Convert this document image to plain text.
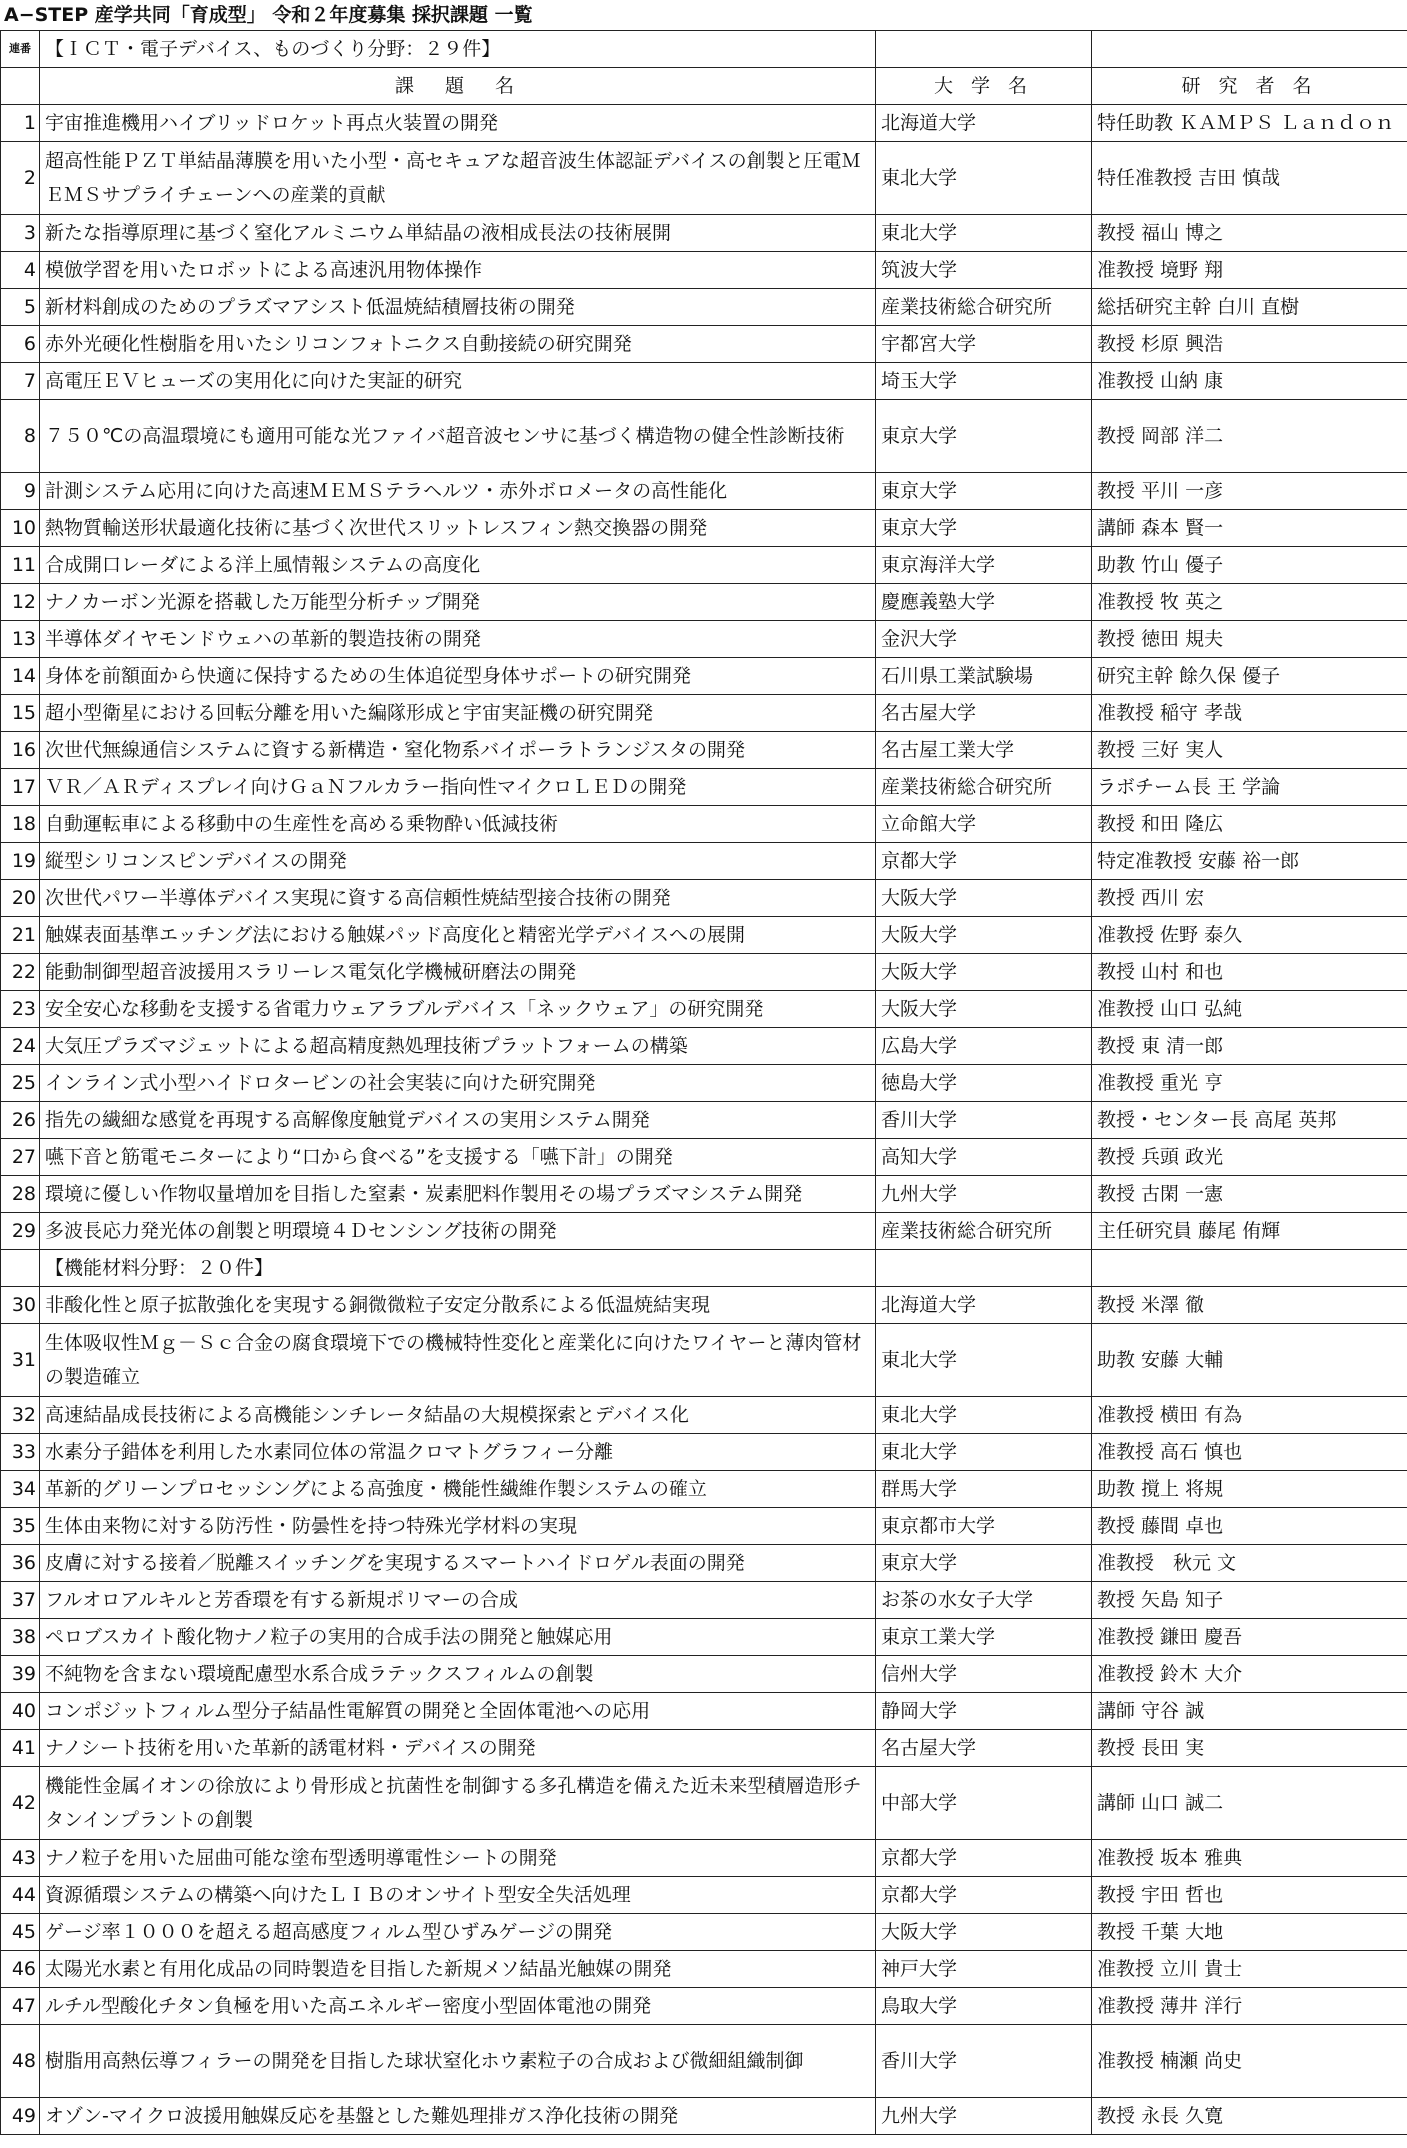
A−STEP 産学共同「育成型」 令和２年度募集 採択課題 一覧
連番	【ＩＣＴ・電子デバイス、ものづくり分野：２９件】		
	課　題　名	大 学 名	研 究 者 名
1	宇宙推進機用ハイブリッドロケット再点火装置の開発	北海道大学	特任助教 ＫＡＭＰＳ Ｌａｎｄｏｎ
2	超高性能ＰＺＴ単結晶薄膜を用いた小型・高セキュアな超音波生体認証デバイスの創製と圧電ＭＥＭＳサプライチェーンへの産業的貢献	東北大学	特任准教授 吉田 慎哉
3	新たな指導原理に基づく窒化アルミニウム単結晶の液相成長法の技術展開	東北大学	教授 福山 博之
4	模倣学習を用いたロボットによる高速汎用物体操作	筑波大学	准教授 境野 翔
5	新材料創成のためのプラズマアシスト低温焼結積層技術の開発	産業技術総合研究所	総括研究主幹 白川 直樹
6	赤外光硬化性樹脂を用いたシリコンフォトニクス自動接続の研究開発	宇都宮大学	教授 杉原 興浩
7	高電圧ＥＶヒューズの実用化に向けた実証的研究	埼玉大学	准教授 山納 康
8	７５０℃の高温環境にも適用可能な光ファイバ超音波センサに基づく構造物の健全性診断技術	東京大学	教授 岡部 洋二
9	計測システム応用に向けた高速ＭＥＭＳテラヘルツ・赤外ボロメータの高性能化	東京大学	教授 平川 一彦
10	熱物質輸送形状最適化技術に基づく次世代スリットレスフィン熱交換器の開発	東京大学	講師 森本 賢一
11	合成開口レーダによる洋上風情報システムの高度化	東京海洋大学	助教 竹山 優子
12	ナノカーボン光源を搭載した万能型分析チップ開発	慶應義塾大学	准教授 牧 英之
13	半導体ダイヤモンドウェハの革新的製造技術の開発	金沢大学	教授 徳田 規夫
14	身体を前額面から快適に保持するための生体追従型身体サポートの研究開発	石川県工業試験場	研究主幹 餘久保 優子
15	超小型衛星における回転分離を用いた編隊形成と宇宙実証機の研究開発	名古屋大学	准教授 稲守 孝哉
16	次世代無線通信システムに資する新構造・窒化物系バイポーラトランジスタの開発	名古屋工業大学	教授 三好 実人
17	ＶＲ／ＡＲディスプレイ向けＧａＮフルカラー指向性マイクロＬＥＤの開発	産業技術総合研究所	ラボチーム長 王 学論
18	自動運転車による移動中の生産性を高める乗物酔い低減技術	立命館大学	教授 和田 隆広
19	縦型シリコンスピンデバイスの開発	京都大学	特定准教授 安藤 裕一郎
20	次世代パワー半導体デバイス実現に資する高信頼性焼結型接合技術の開発	大阪大学	教授 西川 宏
21	触媒表面基準エッチング法における触媒パッド高度化と精密光学デバイスへの展開	大阪大学	准教授 佐野 泰久
22	能動制御型超音波援用スラリーレス電気化学機械研磨法の開発	大阪大学	教授 山村 和也
23	安全安心な移動を支援する省電力ウェアラブルデバイス「ネックウェア」の研究開発	大阪大学	准教授 山口 弘純
24	大気圧プラズマジェットによる超高精度熱処理技術プラットフォームの構築	広島大学	教授 東 清一郎
25	インライン式小型ハイドロタービンの社会実装に向けた研究開発	徳島大学	准教授 重光 亨
26	指先の繊細な感覚を再現する高解像度触覚デバイスの実用システム開発	香川大学	教授・センター長 高尾 英邦
27	嚥下音と筋電モニターにより“口から食べる”を支援する「嚥下計」の開発	高知大学	教授 兵頭 政光
28	環境に優しい作物収量増加を目指した窒素・炭素肥料作製用その場プラズマシステム開発	九州大学	教授 古閑 一憲
29	多波長応力発光体の創製と明環境４Ｄセンシング技術の開発	産業技術総合研究所	主任研究員 藤尾 侑輝
	【機能材料分野：２０件】		
30	非酸化性と原子拡散強化を実現する銅微微粒子安定分散系による低温焼結実現	北海道大学	教授 米澤 徹
31	生体吸収性Ｍｇ－Ｓｃ合金の腐食環境下での機械特性変化と産業化に向けたワイヤーと薄肉管材の製造確立	東北大学	助教 安藤 大輔
32	高速結晶成長技術による高機能シンチレータ結晶の大規模探索とデバイス化	東北大学	准教授 横田 有為
33	水素分子錯体を利用した水素同位体の常温クロマトグラフィー分離	東北大学	准教授 高石 慎也
34	革新的グリーンプロセッシングによる高強度・機能性繊維作製システムの確立	群馬大学	助教 撹上 将規
35	生体由来物に対する防汚性・防曇性を持つ特殊光学材料の実現	東京都市大学	教授 藤間 卓也
36	皮膚に対する接着／脱離スイッチングを実現するスマートハイドロゲル表面の開発	東京大学	准教授　秋元 文
37	フルオロアルキルと芳香環を有する新規ポリマーの合成	お茶の水女子大学	教授 矢島 知子
38	ペロブスカイト酸化物ナノ粒子の実用的合成手法の開発と触媒応用	東京工業大学	准教授 鎌田 慶吾
39	不純物を含まない環境配慮型水系合成ラテックスフィルムの創製	信州大学	准教授 鈴木 大介
40	コンポジットフィルム型分子結晶性電解質の開発と全固体電池への応用	静岡大学	講師 守谷 誠
41	ナノシート技術を用いた革新的誘電材料・デバイスの開発	名古屋大学	教授 長田 実
42	機能性金属イオンの徐放により骨形成と抗菌性を制御する多孔構造を備えた近未来型積層造形チタンインプラントの創製	中部大学	講師 山口 誠二
43	ナノ粒子を用いた屈曲可能な塗布型透明導電性シートの開発	京都大学	准教授 坂本 雅典
44	資源循環システムの構築へ向けたＬＩＢのオンサイト型安全失活処理	京都大学	教授 宇田 哲也
45	ゲージ率１０００を超える超高感度フィルム型ひずみゲージの開発	大阪大学	教授 千葉 大地
46	太陽光水素と有用化成品の同時製造を目指した新規メソ結晶光触媒の開発	神戸大学	准教授 立川 貴士
47	ルチル型酸化チタン負極を用いた高エネルギー密度小型固体電池の開発	鳥取大学	准教授 薄井 洋行
48	樹脂用高熱伝導フィラーの開発を目指した球状窒化ホウ素粒子の合成および微細組織制御	香川大学	准教授 楠瀬 尚史
49	オゾン-マイクロ波援用触媒反応を基盤とした難処理排ガス浄化技術の開発	九州大学	教授 永長 久寛
